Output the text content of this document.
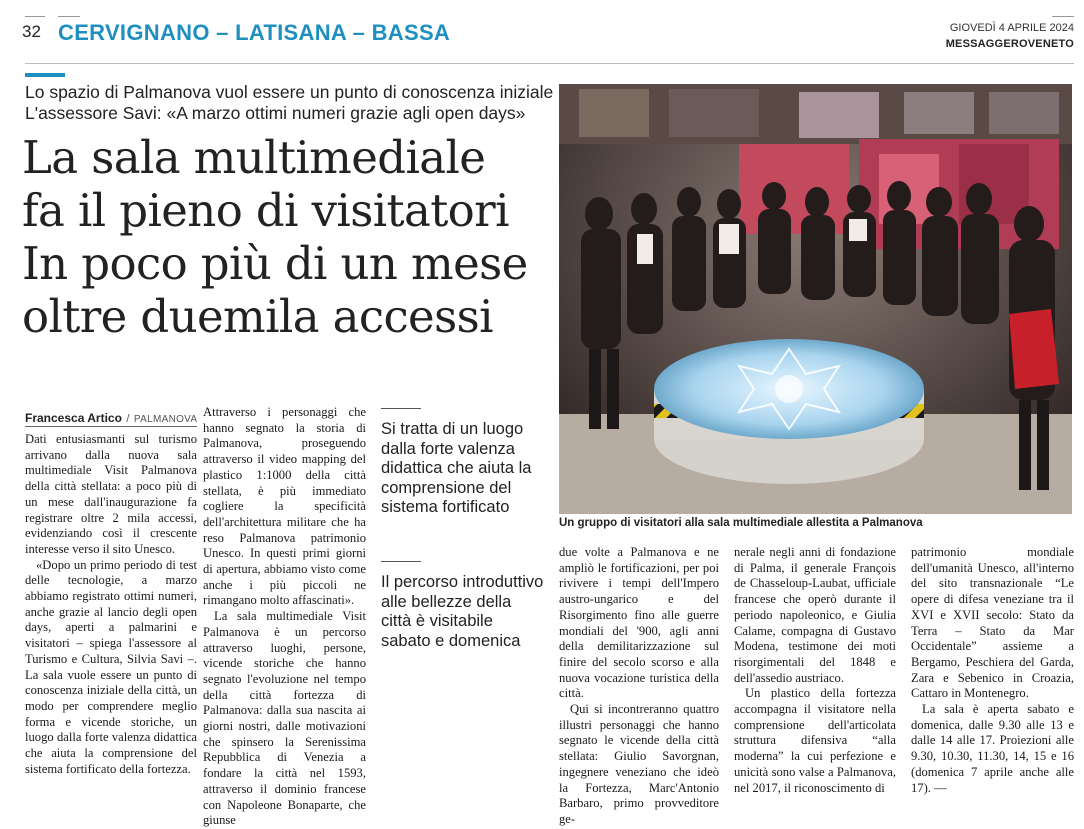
32 CERVIGNANO – LATISANA – BASSA	GIOVEDÌ 4 APRILE 2024
MESSAGGEROVENETO
Lo spazio di Palmanova vuol essere un punto di conoscenza iniziale
L'assessore Savi: «A marzo ottimi numeri grazie agli open days»
La sala multimediale
fa il pieno di visitatori
In poco più di un mese
oltre duemila accessi
Un gruppo di visitatori alla sala multimediale allestita a Palmanova
Francesca Artico / PALMANOVA

Dati entusiasmanti sul turismo arrivano dalla nuova sala multimediale Visit Palmanova della città stellata: a poco più di un mese dall'inaugurazione fa registrare oltre 2 mila accessi, evidenziando così il crescente interesse verso il sito Unesco.

«Dopo un primo periodo di test delle tecnologie, a marzo abbiamo registrato ottimi numeri, anche grazie al lancio degli open days, aperti a palmarini e visitatori – spiega l'assessore al Turismo e Cultura, Silvia Savi –. La sala vuole essere un punto di conoscenza iniziale della città, un modo per comprendere meglio forma e vicende storiche, un luogo dalla forte valenza didattica che aiuta la comprensione del sistema fortificato della fortezza.

Attraverso i personaggi che hanno segnato la storia di Palmanova, proseguendo attraverso il video mapping del plastico 1:1000 della città stellata, è più immediato cogliere la specificità dell'architettura militare che ha reso Palmanova patrimonio Unesco. In questi primi giorni di apertura, abbiamo visto come anche i più piccoli ne rimangano molto affascinati».

La sala multimediale Visit Palmanova è un percorso attraverso luoghi, persone, vicende storiche che hanno segnato l'evoluzione nel tempo della città fortezza di Palmanova: dalla sua nascita ai giorni nostri, dalle motivazioni che spinsero la Serenissima Repubblica di Venezia a fondare la città nel 1593, attraverso il dominio francese con Napoleone Bonaparte, che giunse

Si tratta di un luogo dalla forte valenza didattica che aiuta la comprensione del sistema fortificato
Il percorso introduttivo alle bellezze della città è visitabile sabato e domenica

due volte a Palmanova e ne ampliò le fortificazioni, per poi rivivere i tempi dell'Impero austro-ungarico e del Risorgimento fino alle guerre mondiali del '900, agli anni della demilitarizzazione sul finire del secolo scorso e alla nuova vocazione turistica della città.

Qui si incontreranno quattro illustri personaggi che hanno segnato le vicende della città stellata: Giulio Savorgnan, ingegnere veneziano che ideò la Fortezza, Marc'Antonio Barbaro, primo provveditore ge-

nerale negli anni di fondazione di Palma, il generale François de Chasseloup-Laubat, ufficiale francese che operò durante il periodo napoleonico, e Giulia Calame, compagna di Gustavo Modena, testimone dei moti risorgimentali del 1848 e dell'assedio austriaco.

Un plastico della fortezza accompagna il visitatore nella comprensione dell'articolata struttura difensiva “alla moderna” la cui perfezione e unicità sono valse a Palmanova, nel 2017, il riconoscimento di

patrimonio mondiale dell'umanità Unesco, all'interno del sito transnazionale “Le opere di difesa veneziane tra il XVI e XVII secolo: Stato da Terra – Stato da Mar Occidentale” assieme a Bergamo, Peschiera del Garda, Zara e Sebenico in Croazia, Cattaro in Montenegro.

La sala è aperta sabato e domenica, dalle 9.30 alle 13 e dalle 14 alle 17. Proiezioni alle 9.30, 10.30, 11.30, 14, 15 e 16 (domenica 7 aprile anche alle 17). —
